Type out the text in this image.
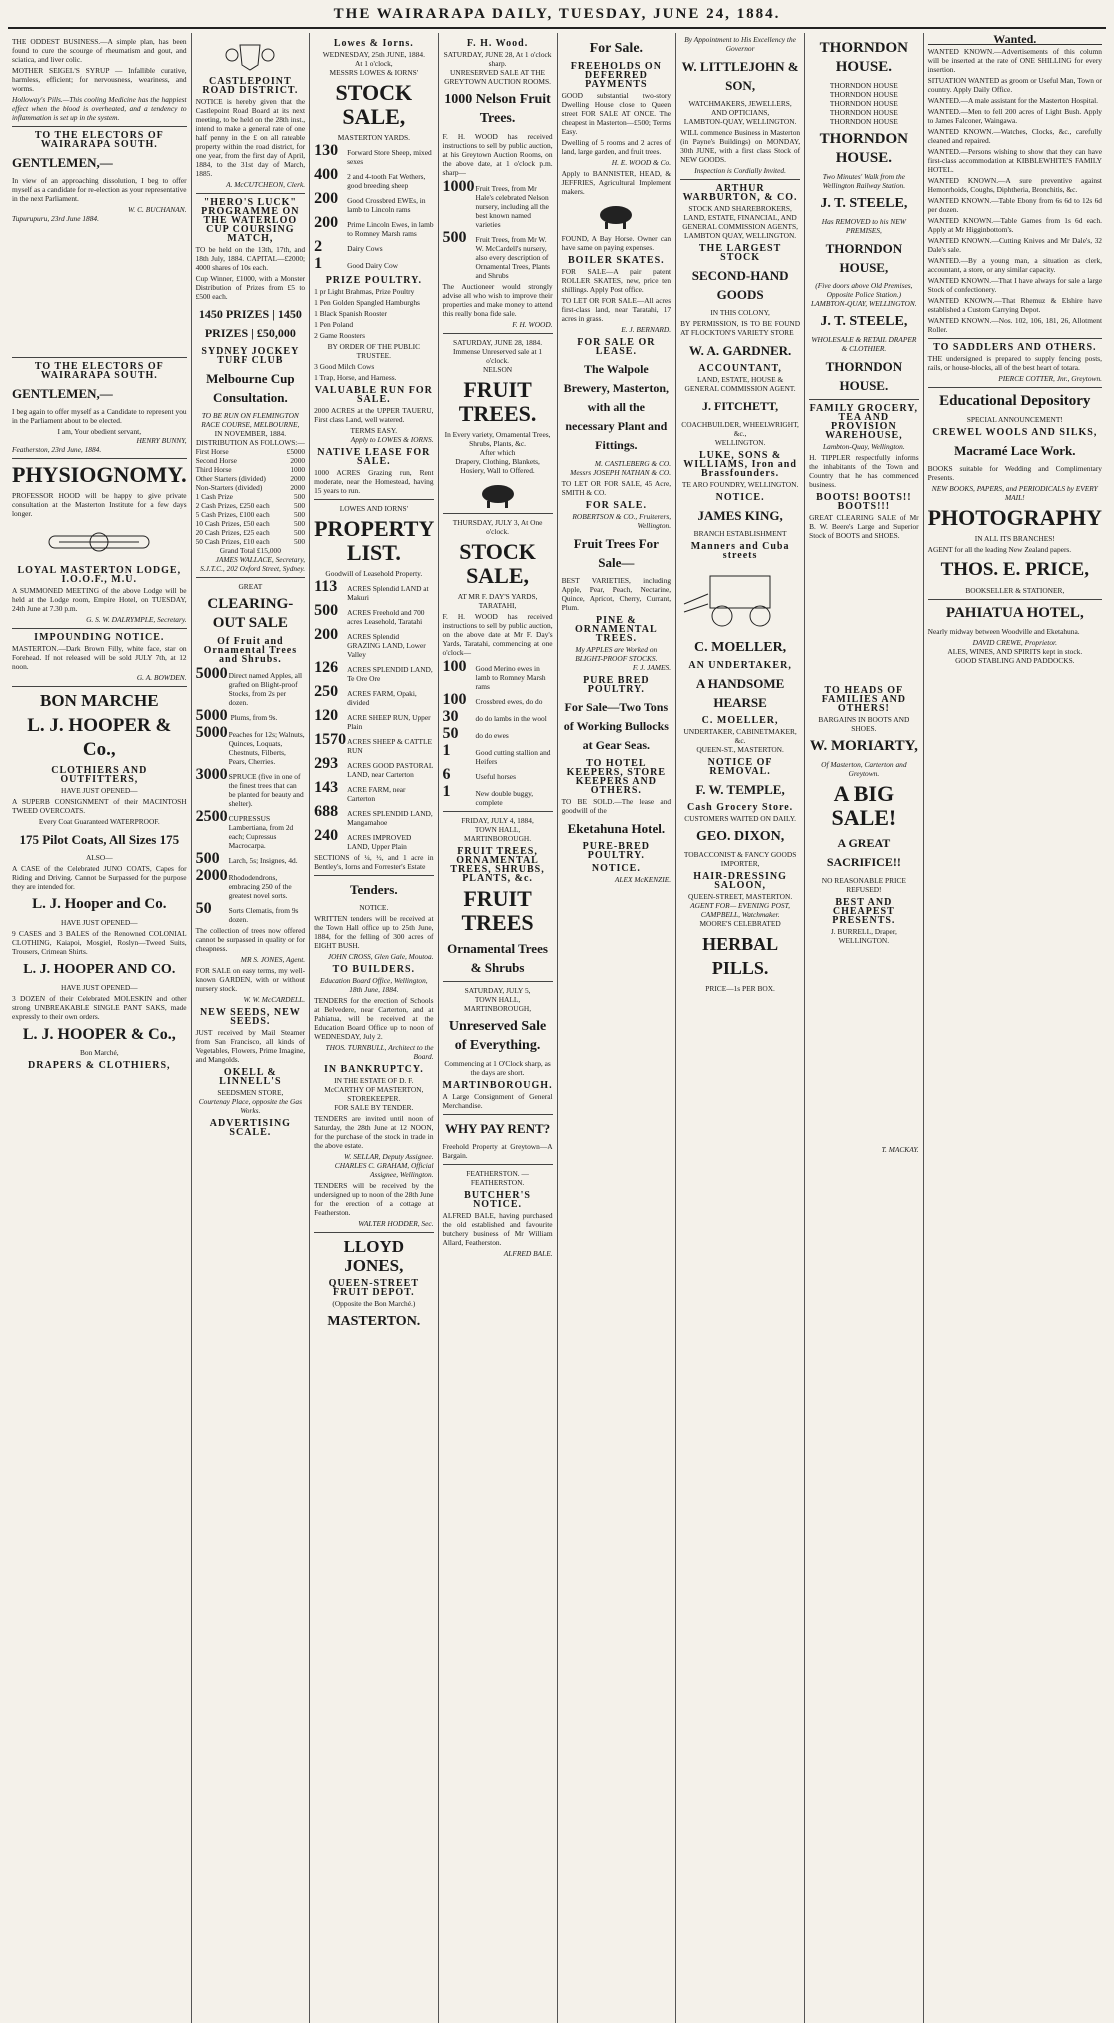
THE WAIRARAPA DAILY, TUESDAY, JUNE 24, 1884.

THE ODDEST BUSINESS.—A simple plan, has been found to cure the scourge of rheumatism and gout, and sciatica, and liver colic.

MOTHER SEIGEL'S SYRUP — Infallible curative, harmless, efficient; for nervousness, weariness, and worms.

Holloway's Pills.—This cooling Medicine has the happiest effect when the blood is overheated, and a tendency to inflammation is set up in the system.

TO THE ELECTORS OF WAIRARAPA SOUTH.
GENTLEMEN,—

In view of an approaching dissolution, I beg to offer myself as a candidate for re-election as your representative in the next Parliament.

W. C. BUCHANAN.
Tupurupuru, 23rd June 1884.
TO THE ELECTORS OF WAIRARAPA SOUTH.
GENTLEMEN,—

I beg again to offer myself as a Candidate to represent you in the Parliament about to be elected.

I am, Your obedient servant,
HENRY BUNNY,
Featherston, 23rd June, 1884.
PHYSIOGNOMY.

PROFESSOR HOOD will be happy to give private consultation at the Masterton Institute for a few days longer.

LOYAL MASTERTON LODGE, I.O.O.F., M.U.

A SUMMONED MEETING of the above Lodge will be held at the Lodge room, Empire Hotel, on TUESDAY, 24th June at 7.30 p.m.

G. S. W. DALRYMPLE, Secretary.
IMPOUNDING NOTICE.

MASTERTON.—Dark Brown Filly, white face, star on Forehead. If not released will be sold JULY 7th, at 12 noon.

G. A. BOWDEN.
BON MARCHE
L. J. HOOPER & Co.,
CLOTHIERS AND OUTFITTERS,
HAVE JUST OPENED—

A SUPERB CONSIGNMENT of their MACINTOSH TWEED OVERCOATS.

Every Coat Guaranteed WATERPROOF.
175 Pilot Coats, All Sizes 175
ALSO—

A CASE of the Celebrated JUNO COATS, Capes for Riding and Driving. Cannot be Surpassed for the purpose they are intended for.

L. J. Hooper and Co.
HAVE JUST OPENED—

9 CASES and 3 BALES of the Renowned COLONIAL CLOTHING, Kaiapoi, Mosgiel, Roslyn—Tweed Suits, Trousers, Crimean Shirts.

L. J. HOOPER AND CO.
HAVE JUST OPENED—

3 DOZEN of their Celebrated MOLESKIN and other strong UNBREAKABLE SINGLE PANT SAKS, made expressly to their own orders.

L. J. HOOPER & Co.,
Bon Marché,
DRAPERS & CLOTHIERS,
CASTLEPOINT ROAD DISTRICT.

NOTICE is hereby given that the Castlepoint Road Board at its next meeting, to be held on the 28th inst., intend to make a general rate of one half penny in the £ on all rateable property within the road district, for one year, from the first day of April, 1884, to the 31st day of March, 1885.

A. McCUTCHEON, Clerk.
"HERO'S LUCK" PROGRAMME ON THE WATERLOO CUP COURSING MATCH,

TO be held on the 13th, 17th, and 18th July, 1884. CAPITAL—£2000; 4000 shares of 10s each.

Cup Winner, £1000, with a Monster Distribution of Prizes from £5 to £500 each.

1450 PRIZES | 1450 PRIZES | £50,000
SYDNEY JOCKEY TURF CLUB
Melbourne Cup Consultation.
TO BE RUN ON FLEMINGTON RACE COURSE, MELBOURNE,
IN NOVEMBER, 1884.
DISTRIBUTION AS FOLLOWS:—
First Horse	£5000
Second Horse	2000
Third Horse	1000
Other Starters (divided)	2000
Non-Starters (divided)	2000
1 Cash Prize	500
2 Cash Prizes, £250 each	500
5 Cash Prizes, £100 each	500
10 Cash Prizes, £50 each	500
20 Cash Prizes, £25 each	500
50 Cash Prizes, £10 each	500
Grand Total £15,000
JAMES WALLACE, Secretary, S.J.T.C., 202 Oxford Street, Sydney.
GREAT
CLEARING-OUT SALE
Of Fruit and Ornamental Trees and Shrubs.
5000 Direct named Apples, all grafted on Blight-proof Stocks, from 2s per dozen.
5000 Plums, from 9s.
5000 Peaches for 12s; Walnuts, Quinces, Loquats, Chestnuts, Filberts, Pears, Cherries.
3000 SPRUCE (five in one of the finest trees that can be planted for beauty and shelter).
2500 CUPRESSUS Lambertiana, from 2d each; Cupressus Macrocarpa.
500	Larch, 5s; Insignes, 4d.
2000 Rhododendrons, embracing 250 of the greatest novel sorts.
50	Sorts Clematis, from 9s dozen.

The collection of trees now offered cannot be surpassed in quality or for cheapness.

MR S. JONES, Agent.

FOR SALE on easy terms, my well-known GARDEN, with or without nursery stock.

W. W. McCARDELL.
NEW SEEDS, NEW SEEDS.

JUST received by Mail Steamer from San Francisco, all kinds of Vegetables, Flowers, Prime Imagine, and Mangolds.

OKELL & LINNELL'S
SEEDSMEN STORE,
Courtenay Place, opposite the Gas Works.
ADVERTISING SCALE.
Lowes & Iorns.
WEDNESDAY, 25th JUNE, 1884.
At 1 o'clock,
MESSRS LOWES & IORNS'
STOCK SALE,
MASTERTON YARDS.
130	Forward Store Sheep, mixed sexes
400	2 and 4-tooth Fat Wethers, good breeding sheep
200	Good Crossbred EWEs, in lamb to Lincoln rams
200	Prime Lincoln Ewes, in lamb to Romney Marsh rams
2	Dairy Cows
1	Good Dairy Cow
PRIZE POULTRY.
1 pr Light Brahmas, Prize Poultry
1 Pen Golden Spangled Hamburghs
1 Black Spanish Rooster
1 Pen Poland
2 Game Roosters
BY ORDER OF THE PUBLIC TRUSTEE.
3 Good Milch Cows
1 Trap, Horse, and Harness.
VALUABLE RUN FOR SALE.

2000 ACRES at the UPPER TAUERU, First class Land, well watered.

TERMS EASY.
Apply to LOWES & IORNS.
NATIVE LEASE FOR SALE.

1000 ACRES Grazing run, Rent moderate, near the Homestead, having 15 years to run.

LOWES AND IORNS'
PROPERTY LIST.
Goodwill of Leasehold Property.
113	ACRES Splendid LAND at Makuri
500	ACRES Freehold and 700 acres Leasehold, Taratahi
200	ACRES Splendid GRAZING LAND, Lower Valley
126	ACRES SPLENDID LAND, Te Ore Ore
250	ACRES FARM, Opaki, divided
120	ACRE SHEEP RUN, Upper Plain
1570 ACRES SHEEP & CATTLE RUN
293	ACRES GOOD PASTORAL LAND, near Carterton
143	ACRE FARM, near Carterton
688	ACRES SPLENDID LAND, Mangamahoe
240	ACRES IMPROVED LAND, Upper Plain

SECTIONS of ¼, ½, and 1 acre in Bentley's, Iorns and Forrester's Estate

Tenders.
NOTICE.

WRITTEN tenders will be received at the Town Hall office up to 25th June, 1884, for the felling of 300 acres of EIGHT BUSH.

JOHN CROSS, Glen Gale, Moutoa.
TO BUILDERS.
Education Board Office, Wellington, 18th June, 1884.

TENDERS for the erection of Schools at Belvedere, near Carterton, and at Pahiatua, will be received at the Education Board Office up to noon of WEDNESDAY, July 2.

THOS. TURNBULL, Architect to the Board.
IN BANKRUPTCY.
IN THE ESTATE OF D. F. McCARTHY OF MASTERTON, STOREKEEPER.
FOR SALE BY TENDER.

TENDERS are invited until noon of Saturday, the 28th June at 12 NOON, for the purchase of the stock in trade in the above estate.

W. SELLAR, Deputy Assignee.
CHARLES C. GRAHAM, Official Assignee, Wellington.

TENDERS will be received by the undersigned up to noon of the 28th June for the erection of a cottage at Featherston.

WALTER HODDER, Sec.
LLOYD JONES,
QUEEN-STREET FRUIT DEPOT.
(Opposite the Bon Marché.)
MASTERTON.
F. H. Wood.
SATURDAY, JUNE 28, At 1 o'clock sharp.
UNRESERVED SALE AT THE GREYTOWN AUCTION ROOMS.
1000 Nelson Fruit Trees.

F. H. WOOD has received instructions to sell by public auction, at his Greytown Auction Rooms, on the above date, at 1 o'clock p.m. sharp—

1000 Fruit Trees, from Mr Hale's celebrated Nelson nursery, including all the best known named varieties
500	Fruit Trees, from Mr W. W. McCardell's nursery, also every description of Ornamental Trees, Plants and Shrubs

The Auctioneer would strongly advise all who wish to improve their properties and make money to attend this really bona fide sale.

F. H. WOOD.
SATURDAY, JUNE 28, 1884.
Immense Unreserved sale at 1 o'clock.
NELSON
FRUIT TREES.
In Every variety, Ornamental Trees, Shrubs, Plants, &c.
After which
Drapery, Clothing, Blankets, Hosiery, Wall to Offered.
THURSDAY, JULY 3, At One o'clock.
STOCK SALE,
AT MR F. DAY'S YARDS, TARATAHI,

F. H. WOOD has received instructions to sell by public auction, on the above date at Mr F. Day's Yards, Taratahi, commencing at one o'clock—

100	Good Merino ewes in lamb to Romney Marsh rams
100	Crossbred ewes, do do
30	do do lambs in the wool
50	do do ewes
1	Good cutting stallion and Heifers
6	Useful horses
1	New double buggy, complete
FRIDAY, JULY 4, 1884,
TOWN HALL, MARTINBOROUGH.
FRUIT TREES, ORNAMENTAL TREES, SHRUBS, PLANTS, &c.
FRUIT TREES
Ornamental Trees & Shrubs
SATURDAY, JULY 5,
TOWN HALL, MARTINBOROUGH,
Unreserved Sale of Everything.
Commencing at 1 O'Clock sharp, as the days are short.
MARTINBOROUGH.

A Large Consignment of General Merchandise.

WHY PAY RENT?

Freehold Property at Greytown—A Bargain.

FEATHERSTON. — FEATHERSTON.
BUTCHER'S NOTICE.

ALFRED BALE, having purchased the old established and favourite butchery business of Mr William Allard, Featherston.

ALFRED BALE.
For Sale.
FREEHOLDS ON DEFERRED PAYMENTS

GOOD substantial two-story Dwelling House close to Queen street FOR SALE AT ONCE. The cheapest in Masterton—£500; Terms Easy.

Dwelling of 5 rooms and 2 acres of land, large garden, and fruit trees.

H. E. WOOD & Co.

Apply to BANNISTER, HEAD, & JEFFRIES, Agricultural Implement makers.

FOUND, A Bay Horse. Owner can have same on paying expenses.

BOILER SKATES.

FOR SALE—A pair patent ROLLER SKATES, new, price ten shillings. Apply Post office.

TO LET OR FOR SALE—All acres first-class land, near Taratahi, 17 acres in grass.

E. J. BERNARD.
FOR SALE OR LEASE.
The Walpole Brewery, Masterton, with all the necessary Plant and Fittings.
M. CASTLEBERG & CO.
Messrs JOSEPH NATHAN & CO.

TO LET OR FOR SALE, 45 Acre, SMITH & CO.

FOR SALE.
ROBERTSON & CO., Fruiterers, Wellington.
Fruit Trees For Sale—

BEST VARIETIES, including Apple, Pear, Peach, Nectarine, Quince, Apricot, Cherry, Currant, Plum.

PINE & ORNAMENTAL TREES.
My APPLES are Worked on BLIGHT-PROOF STOCKS.
F. J. JAMES.
PURE BRED POULTRY.
For Sale—Two Tons of Working Bullocks at Gear Seas.
TO HOTEL KEEPERS, STORE KEEPERS AND OTHERS.

TO BE SOLD.—The lease and goodwill of the

Eketahuna Hotel.
PURE-BRED POULTRY.
NOTICE.
ALEX McKENZIE.
By Appointment to His Excellency the Governor
W. LITTLEJOHN & SON,
WATCHMAKERS, JEWELLERS, AND OPTICIANS,
LAMBTON-QUAY, WELLINGTON.

WILL commence Business in Masterton (in Payne's Buildings) on MONDAY, 30th JUNE, with a first class Stock of NEW GOODS.

Inspection is Cordially Invited.
ARTHUR WARBURTON, & CO.
STOCK AND SHAREBROKERS, LAND, ESTATE, FINANCIAL, AND GENERAL COMMISSION AGENTS,
LAMBTON QUAY, WELLINGTON.
THE LARGEST STOCK
SECOND-HAND GOODS
IN THIS COLONY,

BY PERMISSION, IS TO BE FOUND AT FLOCKTON'S VARIETY STORE

W. A. GARDNER.
ACCOUNTANT,
LAND, ESTATE, HOUSE & GENERAL COMMISSION AGENT.
J. FITCHETT,
COACHBUILDER, WHEELWRIGHT, &c.,
WELLINGTON.
LUKE, SONS & WILLIAMS, Iron and Brassfounders.
TE ARO FOUNDRY, WELLINGTON.
NOTICE.
JAMES KING,
BRANCH ESTABLISHMENT
Manners and Cuba streets
C. MOELLER,
AN UNDERTAKER,
A HANDSOME HEARSE
C. MOELLER,
UNDERTAKER, CABINETMAKER, &c.
QUEEN-ST., MASTERTON.
NOTICE OF REMOVAL.
F. W. TEMPLE,
Cash Grocery Store.
CUSTOMERS WAITED ON DAILY.
GEO. DIXON,
TOBACCONIST & FANCY GOODS IMPORTER,
HAIR-DRESSING SALOON,
QUEEN-STREET, MASTERTON.
AGENT FOR— EVENING POST,
CAMPBELL, Watchmaker.
MOORE'S CELEBRATED
HERBAL PILLS.
PRICE—1s PER BOX.
THORNDON HOUSE.
THORNDON HOUSE
THORNDON HOUSE
THORNDON HOUSE
THORNDON HOUSE
THORNDON HOUSE
THORNDON HOUSE.
Two Minutes' Walk from the Wellington Railway Station.
J. T. STEELE,
Has REMOVED to his NEW PREMISES,
THORNDON HOUSE,
(Five doors above Old Premises, Opposite Police Station.)
LAMBTON-QUAY, WELLINGTON.
J. T. STEELE,
WHOLESALE & RETAIL DRAPER & CLOTHIER.
THORNDON HOUSE.
FAMILY GROCERY, TEA AND PROVISION WAREHOUSE,
Lambton-Quay, Wellington.

H. TIPPLER respectfully informs the inhabitants of the Town and Country that he has commenced business.

BOOTS! BOOTS!! BOOTS!!!

GREAT CLEARING SALE of Mr B. W. Beere's Large and Superior Stock of BOOTS and SHOES.

TO HEADS OF FAMILIES AND OTHERS!
BARGAINS IN BOOTS AND SHOES.
W. MORIARTY,
Of Masterton, Carterton and Greytown.
A BIG SALE!
A GREAT SACRIFICE!!
NO REASONABLE PRICE REFUSED!
BEST AND CHEAPEST PRESENTS.
J. BURRELL, Draper,
WELLINGTON.
T. MACKAY.
Wanted.
WANTED KNOWN.—Advertisements of this column will be inserted at the rate of ONE SHILLING for every insertion.
SITUATION WANTED as groom or Useful Man, Town or country. Apply Daily Office.
WANTED.—A male assistant for the Masterton Hospital.
WANTED.—Men to fell 200 acres of Light Bush. Apply to James Falconer, Waingawa.
WANTED KNOWN.—Watches, Clocks, &c., carefully cleaned and repaired.
WANTED.—Persons wishing to show that they can have first-class accommodation at KIBBLEWHITE'S FAMILY HOTEL.
WANTED KNOWN.—A sure preventive against Hemorrhoids, Coughs, Diphtheria, Bronchitis, &c.
WANTED KNOWN.—Table Ebony from 6s 6d to 12s 6d per dozen.
WANTED KNOWN.—Table Games from 1s 6d each. Apply at Mr Higginbottom's.
WANTED KNOWN.—Cutting Knives and Mr Dale's, 32 Dale's sale.
WANTED.—By a young man, a situation as clerk, accountant, a store, or any similar capacity.
WANTED KNOWN.—That I have always for sale a large Stock of confectionery.
WANTED KNOWN.—That Rhemuz & Elshire have established a Custom Carrying Depot.
WANTED KNOWN.—Nos. 102, 106, 181, 26, Allotment Roller.
TO SADDLERS AND OTHERS.

THE undersigned is prepared to supply fencing posts, rails, or house-blocks, all of the best heart of totara.

PIERCE COTTER, Jnr., Greytown.
Educational Depository
SPECIAL ANNOUNCEMENT!
CREWEL WOOLS AND SILKS,
Macramé Lace Work.

BOOKS suitable for Wedding and Complimentary Presents.

NEW BOOKS, PAPERS, and PERIODICALS by EVERY MAIL!
PHOTOGRAPHY
IN ALL ITS BRANCHES!

AGENT for all the leading New Zealand papers.

THOS. E. PRICE,
BOOKSELLER & STATIONER,
PAHIATUA HOTEL,

Nearly midway between Woodville and Eketahuna.

DAVID CREWE, Proprietor.
ALES, WINES, AND SPIRITS kept in stock.
GOOD STABLING AND PADDOCKS.
